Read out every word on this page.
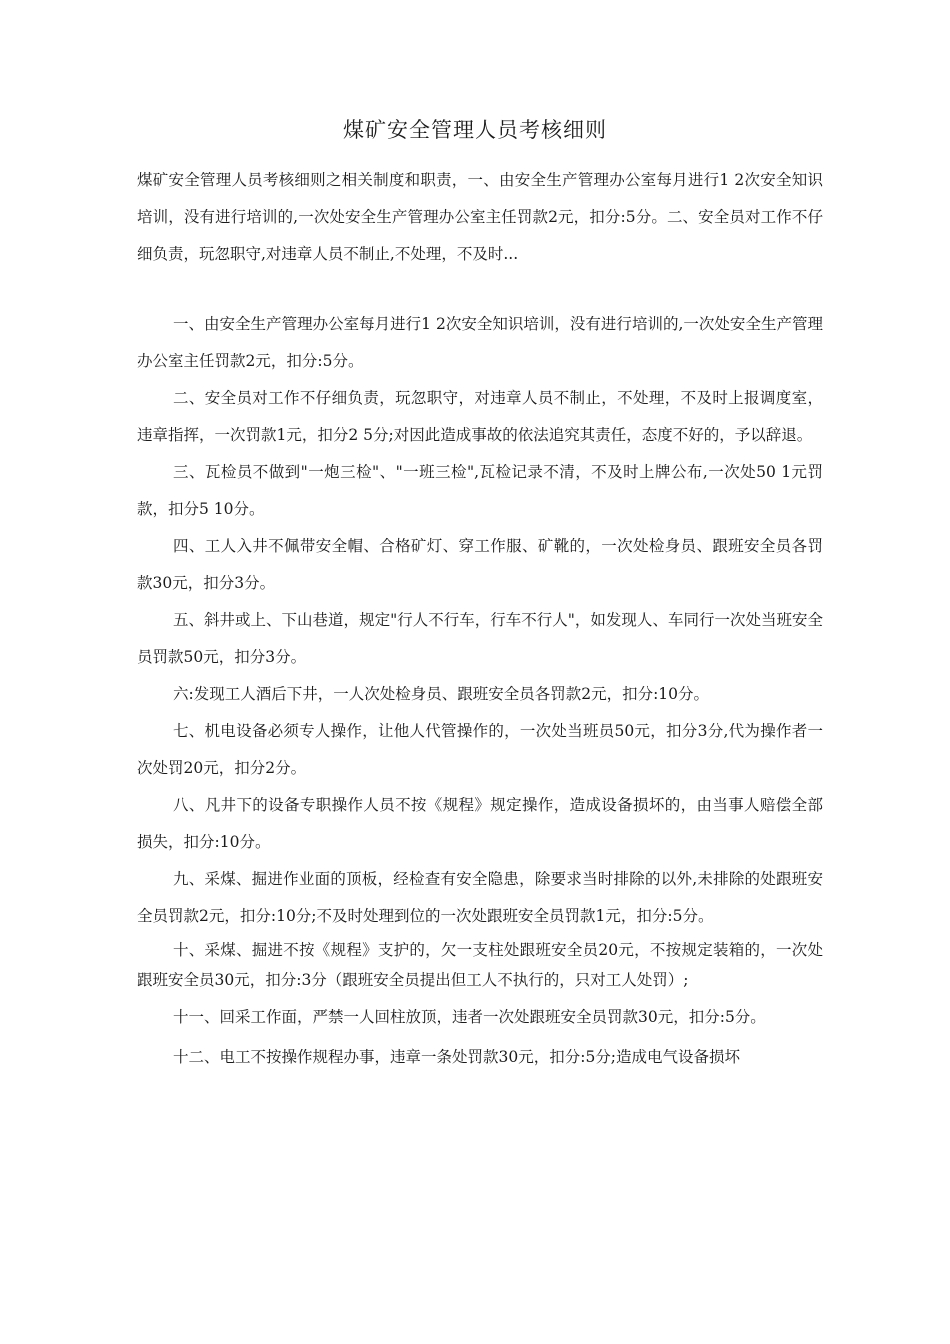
煤矿安全管理人员考核细则
煤矿安全管理人员考核细则之相关制度和职责，一、由安全生产管理办公室每月进行1 2次安全知识培训，没有进行培训的,一次处安全生产管理办公室主任罚款2元，扣分:5分。二、安全员对工作不仔细负责，玩忽职守,对违章人员不制止,不处理，不及时...

一、由安全生产管理办公室每月进行1 2次安全知识培训，没有进行培训的,一次处安全生产管理办公室主任罚款2元，扣分:5分。

二、安全员对工作不仔细负责，玩忽职守，对违章人员不制止，不处理，不及时上报调度室，违章指挥，一次罚款1元，扣分2 5分;对因此造成事故的依法追究其责任，态度不好的，予以辞退。

三、瓦检员不做到"一炮三检"、"一班三检",瓦检记录不清，不及时上牌公布,一次处50 1元罚款，扣分5 10分。

四、工人入井不佩带安全帽、合格矿灯、穿工作服、矿靴的，一次处检身员、跟班安全员各罚款30元，扣分3分。

五、斜井或上、下山巷道，规定"行人不行车，行车不行人"，如发现人、车同行一次处当班安全员罚款50元，扣分3分。

六:发现工人酒后下井，一人次处检身员、跟班安全员各罚款2元，扣分:10分。

七、机电设备必须专人操作，让他人代管操作的，一次处当班员50元，扣分3分,代为操作者一次处罚20元，扣分2分。

八、凡井下的设备专职操作人员不按《规程》规定操作，造成设备损坏的，由当事人赔偿全部损失，扣分:10分。

九、采煤、掘进作业面的顶板，经检查有安全隐患，除要求当时排除的以外,未排除的处跟班安全员罚款2元，扣分:10分;不及时处理到位的一次处跟班安全员罚款1元，扣分:5分。

十、采煤、掘进不按《规程》支护的，欠一支柱处跟班安全员20元，不按规定装箱的，一次处跟班安全员30元，扣分:3分（跟班安全员提出但工人不执行的，只对工人处罚）;

十一、回采工作面，严禁一人回柱放顶，违者一次处跟班安全员罚款30元，扣分:5分。

十二、电工不按操作规程办事，违章一条处罚款30元，扣分:5分;造成电气设备损坏
